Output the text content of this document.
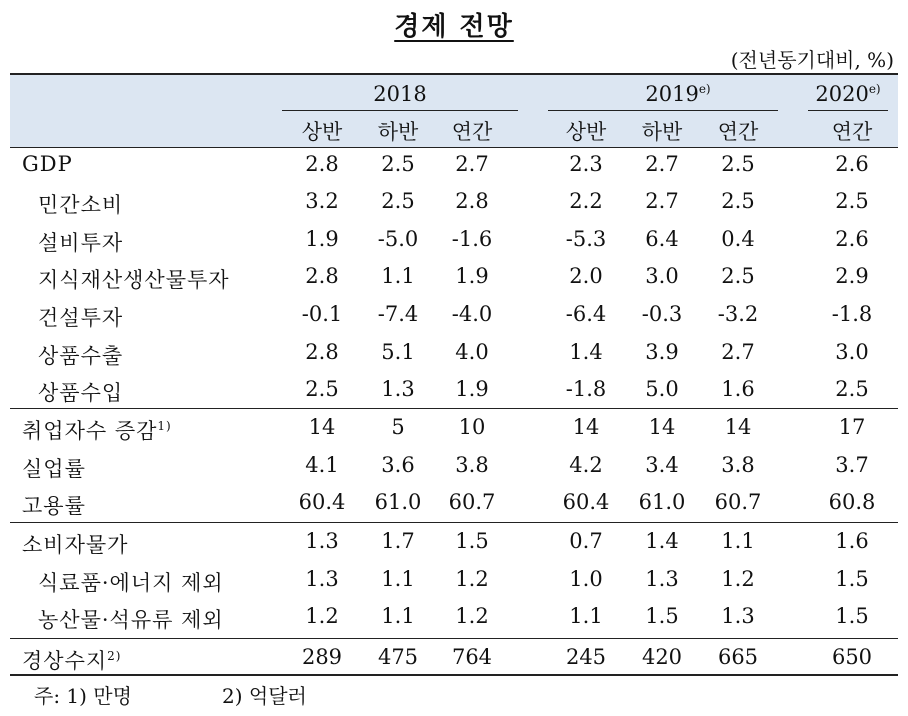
경제 전망
(전년동기대비, %)
2018	2019$^{e)}$	2020$^{e)}$
상반	하반	연간	상반	하반	연간	연간
GDP	2.8	2.5	2.7	2.3	2.7	2.5	2.6
민간소비	3.2	2.5	2.8	2.2	2.7	2.5	2.5
설비투자	1.9	-5.0	-1.6	-5.3	6.4	0.4	2.6
지식재산생산물투자	2.8	1.1	1.9	2.0	3.0	2.5	2.9
건설투자	-0.1	-7.4	-4.0	-6.4	-0.3	-3.2	-1.8
상품수출	2.8	5.1	4.0	1.4	3.9	2.7	3.0
상품수입	2.5	1.3	1.9	-1.8	5.0	1.6	2.5
취업자수 증감$^{1)}$	14	5	10	14	14	14	17
실업률	4.1	3.6	3.8	4.2	3.4	3.8	3.7
고용률	60.4	61.0	60.7	60.4	61.0	60.7	60.8
소비자물가	1.3	1.7	1.5	0.7	1.4	1.1	1.6
식료품·에너지 제외	1.3	1.1	1.2	1.0	1.3	1.2	1.5
농산물·석유류 제외	1.2	1.1	1.2	1.1	1.5	1.3	1.5
경상수지$^{2)}$	289	475	764	245	420	665	650
주: 1) 만명	2) 억달러
